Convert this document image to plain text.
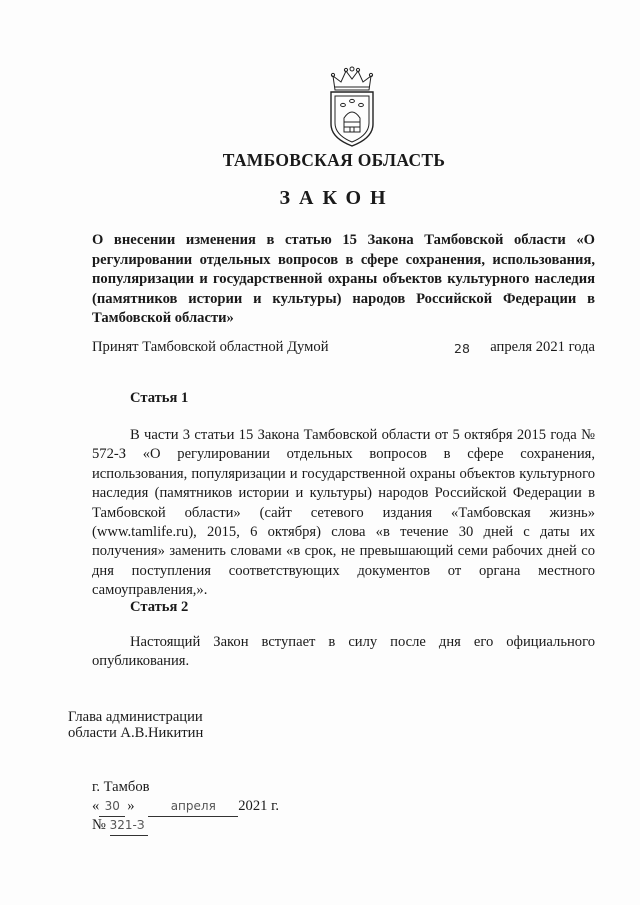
ТАМБОВСКАЯ ОБЛАСТЬ
ЗАКОН
О внесении изменения в статью 15 Закона Тамбовской области «О регулировании отдельных вопросов в сфере сохранения, использования, популяризации и государственной охраны объектов культурного наследия (памятников истории и культуры) народов Российской Федерации в Тамбовской области»
Принят Тамбовской областной Думой	28 апреля 2021 года
Статья 1
В части 3 статьи 15 Закона Тамбовской области от 5 октября 2015 года № 572-З «О регулировании отдельных вопросов в сфере сохранения, использования, популяризации и государственной охраны объектов культурного наследия (памятников истории и культуры) народов Российской Федерации в Тамбовской области» (сайт сетевого издания «Тамбовская жизнь» (www.tamlife.ru), 2015, 6 октября) слова «в течение 30 дней с даты их получения» заменить словами «в срок, не превышающий семи рабочих дней со дня поступления соответствующих документов от органа местного самоуправления,».
Статья 2
Настоящий Закон вступает в силу после дня его официального опубликования.
Глава администрации
области А.В.Никитин
г. Тамбов
« 30 »	апреля 2021 г.
№ 321-З
